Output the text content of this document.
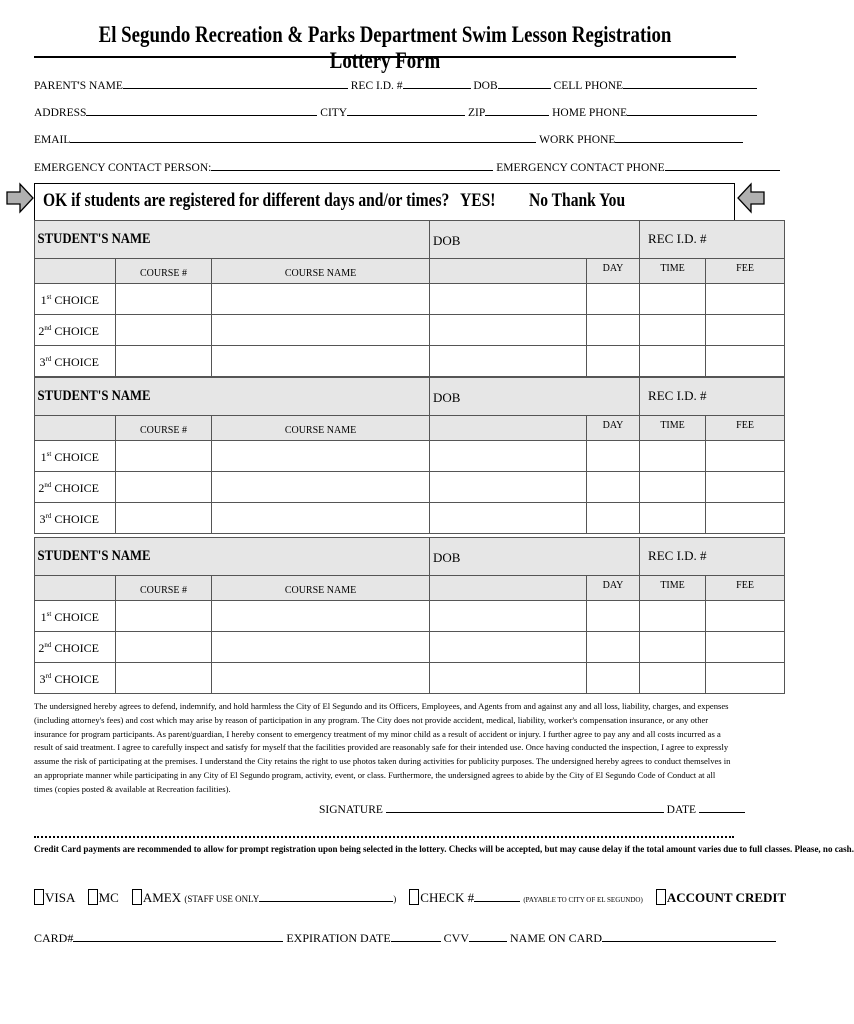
El Segundo Recreation & Parks Department Swim Lesson Registration Lottery Form
PARENT'S NAME	REC I.D. #	DOB	CELL PHONE
ADDRESS	CITY	ZIP	HOME PHONE
EMAIL	WORK PHONE
EMERGENCY CONTACT PERSON:	EMERGENCY CONTACT PHONE
OK if students are registered for different days and/or times? YES! No Thank You
STUDENT'S NAME			DOB		REC I.D. #	
	COURSE #	COURSE NAME		DAY	TIME	FEE
1st CHOICE						
2nd CHOICE						
3rd CHOICE						
STUDENT'S NAME			DOB		REC I.D. #	
	COURSE #	COURSE NAME		DAY	TIME	FEE
1st CHOICE						
2nd CHOICE						
3rd CHOICE						
STUDENT'S NAME			DOB		REC I.D. #	
	COURSE #	COURSE NAME		DAY	TIME	FEE
1st CHOICE						
2nd CHOICE						
3rd CHOICE						
The undersigned hereby agrees to defend, indemnify, and hold harmless the City of El Segundo and its Officers, Employees, and Agents from and against any and all loss, liability, charges, and expenses (including attorney's fees) and cost which may arise by reason of participation in any program. The City does not provide accident, medical, liability, worker's compensation insurance, or any other insurance for program participants. As parent/guardian, I hereby consent to emergency treatment of my minor child as a result of accident or injury. I further agree to pay any and all costs incurred as a result of said treatment. I agree to carefully inspect and satisfy for myself that the facilities provided are reasonably safe for their intended use. Once having conducted the inspection, I agree to expressly assume the risk of participating at the premises. I understand the City retains the right to use photos taken during activities for publicity purposes. The undersigned hereby agrees to conduct themselves in an appropriate manner while participating in any City of El Segundo program, activity, event, or class. Furthermore, the undersigned agrees to abide by the City of El Segundo Code of Conduct at all times (copies posted & available at Recreation facilities).
SIGNATURE	DATE
Credit Card payments are recommended to allow for prompt registration upon being selected in the lottery. Checks will be accepted, but may cause delay if the total amount varies due to full classes. Please, no cash.
VISA MC AMEX (STAFF USE ONLY	) CHECK #	(PAYABLE TO CITY OF EL SEGUNDO) ACCOUNT CREDIT
CARD#	EXPIRATION DATE	CVV	NAME ON CARD
